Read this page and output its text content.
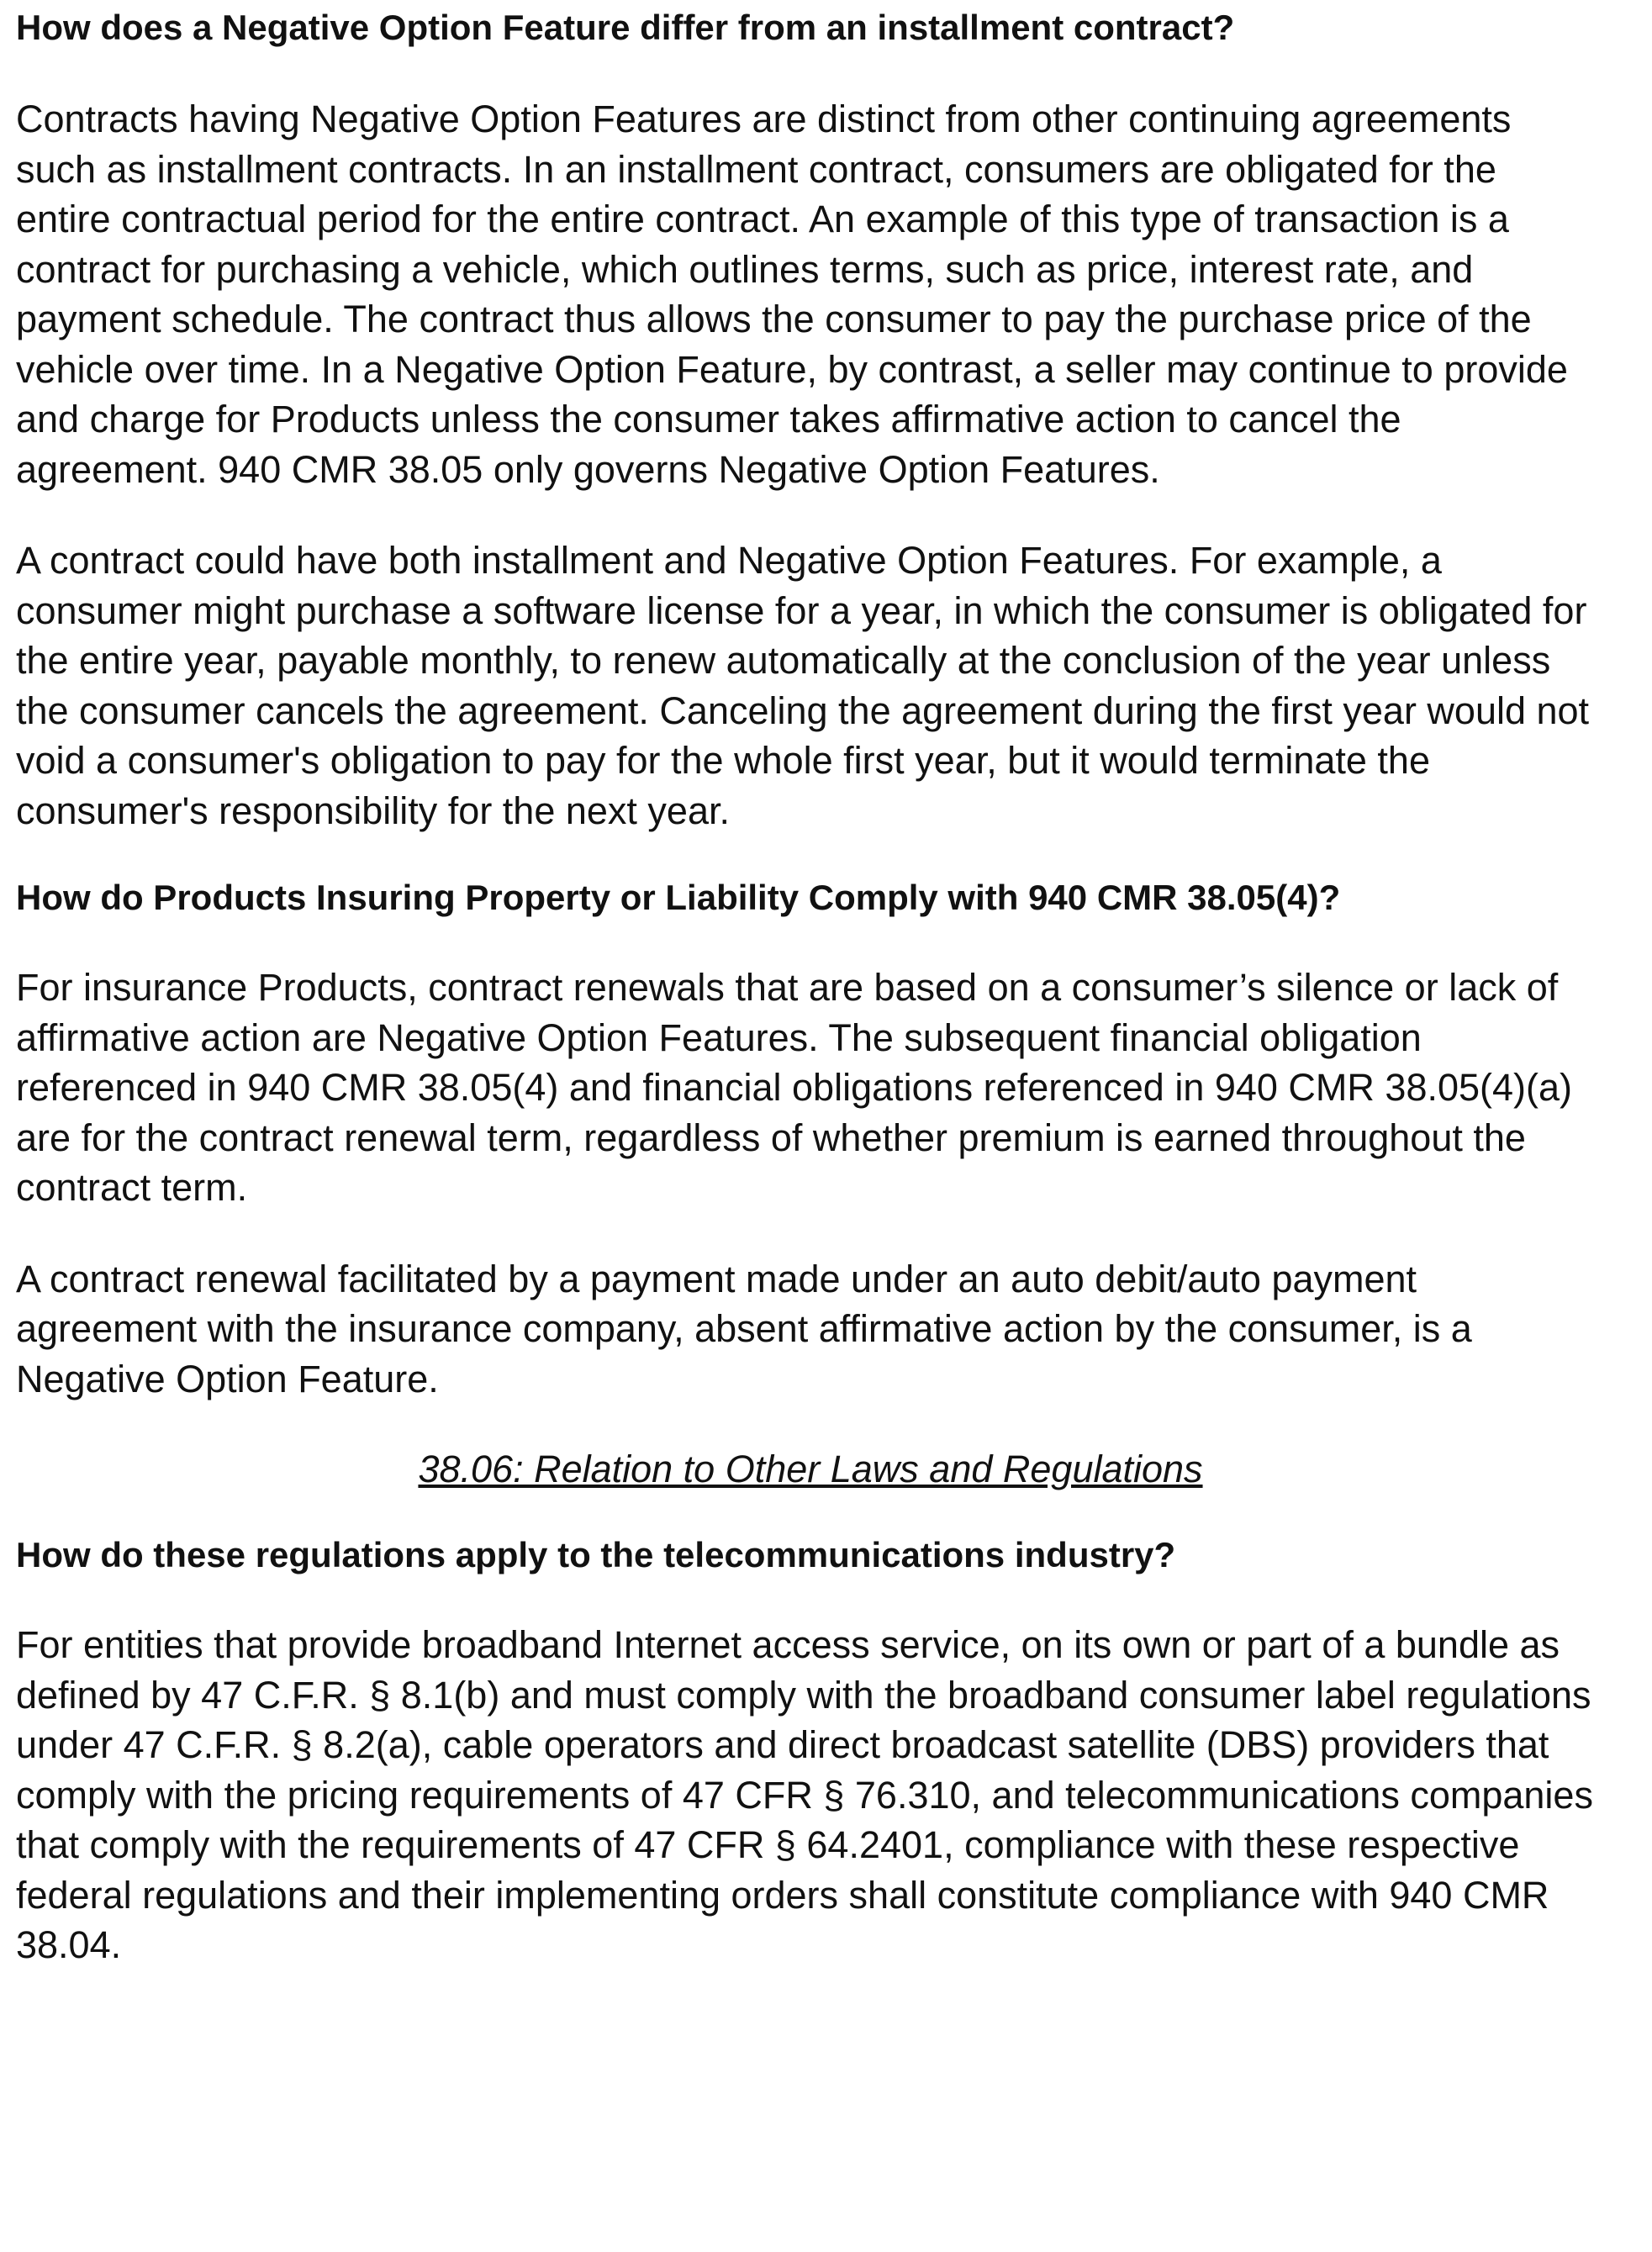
How does a Negative Option Feature differ from an installment contract?

Contracts having Negative Option Features are distinct from other continuing agreements such as installment contracts. In an installment contract, consumers are obligated for the entire contractual period for the entire contract. An example of this type of transaction is a contract for purchasing a vehicle, which outlines terms, such as price, interest rate, and payment schedule. The contract thus allows the consumer to pay the purchase price of the vehicle over time. In a Negative Option Feature, by contrast, a seller may continue to provide and charge for Products unless the consumer takes affirmative action to cancel the agreement. 940 CMR 38.05 only governs Negative Option Features.

A contract could have both installment and Negative Option Features. For example, a consumer might purchase a software license for a year, in which the consumer is obligated for the entire year, payable monthly, to renew automatically at the conclusion of the year unless the consumer cancels the agreement. Canceling the agreement during the first year would not void a consumer's obligation to pay for the whole first year, but it would terminate the consumer's responsibility for the next year.

How do Products Insuring Property or Liability Comply with 940 CMR 38.05(4)?

For insurance Products, contract renewals that are based on a consumer’s silence or lack of affirmative action are Negative Option Features. The subsequent financial obligation referenced in 940 CMR 38.05(4) and financial obligations referenced in 940 CMR 38.05(4)(a) are for the contract renewal term, regardless of whether premium is earned throughout the contract term.

A contract renewal facilitated by a payment made under an auto debit/auto payment agreement with the insurance company, absent affirmative action by the consumer, is a Negative Option Feature.

38.06: Relation to Other Laws and Regulations

How do these regulations apply to the telecommunications industry?

For entities that provide broadband Internet access service, on its own or part of a bundle as defined by 47 C.F.R. § 8.1(b) and must comply with the broadband consumer label regulations under 47 C.F.R. § 8.2(a), cable operators and direct broadcast satellite (DBS) providers that comply with the pricing requirements of 47 CFR § 76.310, and telecommunications companies that comply with the requirements of 47 CFR § 64.2401, compliance with these respective federal regulations and their implementing orders shall constitute compliance with 940 CMR 38.04.
